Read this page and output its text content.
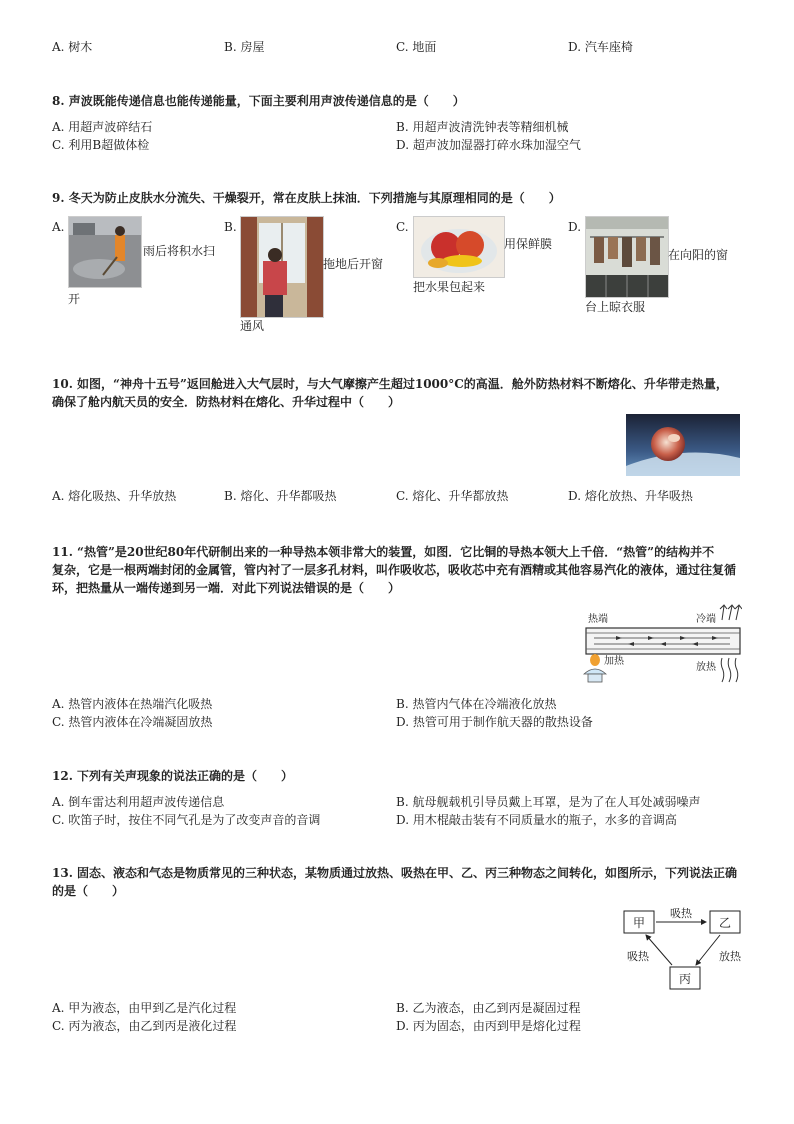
A. 树木	B. 房屋	C. 地面	D. 汽车座椅
8. 声波既能传递信息也能传递能量，下面主要利用声波传递信息的是（　　）
A. 用超声波碎结石	B. 用超声波清洗钟表等精细机械
C. 利用B超做体检	D. 超声波加湿器打碎水珠加湿空气
9. 冬天为防止皮肤水分流失、干燥裂开，常在皮肤上抹油．下列措施与其原理相同的是（　　）
A.
雨后将积水扫
开
B.
拖地后开窗
通风
C.
用保鲜膜
把水果包起来
D.
在向阳的窗
台上晾衣服
10. 如图，“神舟十五号”返回舱进入大气层时，与大气摩擦产生超过1000°C的高温．舱外防热材料不断熔化、升华带走热量，
确保了舱内航天员的安全．防热材料在熔化、升华过程中（　　）
A. 熔化吸热、升华放热	B. 熔化、升华都吸热	C. 熔化、升华都放热	D. 熔化放热、升华吸热
11. “热管”是20世纪80年代研制出来的一种导热本领非常大的装置，如图．它比铜的导热本领大上千倍．“热管”的结构并不
复杂，它是一根两端封闭的金属管，管内衬了一层多孔材料，叫作吸收芯，吸收芯中充有酒精或其他容易汽化的液体，通过往复循
环，把热量从一端传递到另一端．对此下列说法错误的是（　　）
热端	冷端
加热
放热
A. 热管内液体在热端汽化吸热	B. 热管内气体在冷端液化放热
C. 热管内液体在冷端凝固放热	D. 热管可用于制作航天器的散热设备
12. 下列有关声现象的说法正确的是（　　）
A. 倒车雷达利用超声波传递信息	B. 航母舰载机引导员戴上耳罩，是为了在人耳处减弱噪声
C. 吹笛子时，按住不同气孔是为了改变声音的音调	D. 用木棍敲击装有不同质量水的瓶子，水多的音调高
13. 固态、液态和气态是物质常见的三种状态，某物质通过放热、吸热在甲、乙、丙三种物态之间转化，如图所示，下列说法正确
的是（　　）
甲	乙
丙
吸热
放热
吸热
A. 甲为液态，由甲到乙是汽化过程	B. 乙为液态，由乙到丙是凝固过程
C. 丙为液态，由乙到丙是液化过程	D. 丙为固态，由丙到甲是熔化过程
